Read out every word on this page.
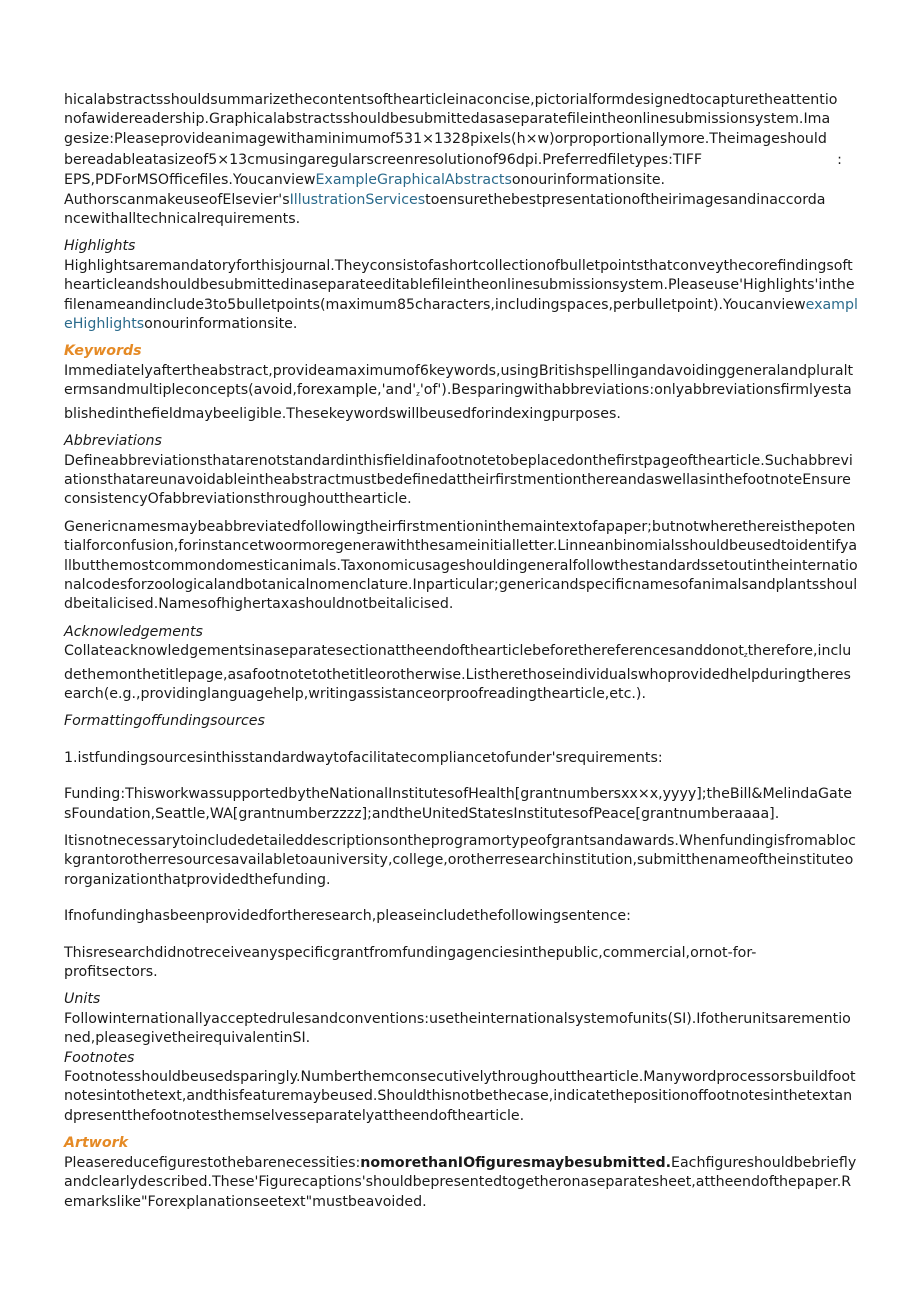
hicalabstractsshouldsummarizethecontentsofthearticleinaconcise,pictorialformdesignedtocapturetheattentio

nofawidereadership.Graphicalabstractsshouldbesubmittedasaseparatefileintheonlinesubmissionsystem.Ima

gesize:Pleaseprovideanimagewithaminimumof531×1328pixels(h×w)orproportionallymore.Theimageshould

bereadableatasizeof5×13cmusingaregularscreenresolutionof96dpi.Preferredfiletypes:TIFF	:

EPS,PDForMSOfficefiles.YoucanviewExampleGraphicalAbstractsonourinformationsite.

AuthorscanmakeuseofElsevier'sIllustrationServicestoensurethebestpresentationoftheirimagesandinaccorda

ncewithalltechnicalrequirements.

Highlights

Highlightsaremandatoryforthisjournal.Theyconsistofashortcollectionofbulletpointsthatconveythecorefindingsofthearticleandshouldbesubmittedinaseparateeditablefileintheonlinesubmissionsystem.Pleaseuse'Highlights'inthefilenameandinclude3to5bulletpoints(maximum85characters,includingspaces,perbulletpoint).YoucanviewexampleHighlightsonourinformationsite.

Keywords

Immediatelyaftertheabstract,provideamaximumof6keywords,usingBritishspellingandavoidinggeneralandpluraltermsandmultipleco$ncepts(avoid,forexample,'and'_z'of').Besparingwithabbreviations:onlyabbreviationsfirmlyestablishedinthefieldmaybeeligible$.Thesekeywordswillbeusedforindexingpurposes.

Abbreviations

Defineabbreviationsthatarenotstandardinthisfieldinafootnotetobeplacedonthefirstpageofthearticle.SuchabbreviationsthatareunavoidableintheabstractmustbedefinedattheirfirstmentionthereandaswellasinthefootnoteEnsureconsistencyOfabbreviationsthroughoutthearticle.

Genericnamesmaybeabbreviatedfollowingtheirfirstmentioninthemaintextofapaper;butnotwherethereisthepotentialforconfusion,forinstancetwoormoregenerawiththesameinitialletter.Linneanbinomialsshouldbeusedtoidentifyallbutthemostcommondomesticanimals.Taxonomicusageshouldingeneralfollowthestandardssetoutintheinternationalcodesforzoologicalandbotanicalnomenclature.Inparticular;genericandspecificnamesofanimalsandplantsshouldbeitalicised.Namesofhighertaxashouldnotbeitalicised.

Acknowledgements

Collateacknowledgementsinaseparatesectionattheendofthearticlebeforethereferencesanddonot$_z$therefore,includethemonthetitlepage,asafootnotetothetitleorotherwise.Listherethoseindividualswhoprovidedhelpduringtheresearch(e.g.,providinglanguagehelp,writingassistanceorproofreadingthearticle,etc.).

Formattingoffundingsources

1.istfundingsourcesinthisstandardwaytofacilitatecompliancetofunder'srequirements:

Funding:ThisworkwassupportedbytheNationalInstitutesofHealth[grantnumbersxx×x,yyyy];theBill&MelindaGatesFoundation,Seattle,WA[grantnumberzzzz];andtheUnitedStatesInstitutesofPeace[grantnumberaaaa].

Itisnotnecessarytoincludedetaileddescriptionsontheprogramortypeofgrantsandawards.Whenfundingisfromablockgrantorotherresourcesavailabletoauniversity,college,orotherresearchinstitution,submitthenameoftheinstituteororganizationthatprovidedthefunding.

Ifnofundinghasbeenprovidedfortheresearch,pleaseincludethefollowingsentence:

Thisresearchdidnotreceiveanyspecificgrantfromfundingagenciesinthepublic,commercial,ornot-for-
profitsectors.

Units

Followinternationallyacceptedrulesandconventions:usetheinternationalsystemofunits(SI).Ifotherunitsarementioned,pleasegivetheirequivalentinSI.

Footnotes

Footnotesshouldbeusedsparingly.Numberthemconsecutivelythroughoutthearticle.Manywordprocessorsbuildfootnotesintothetext,andthisfeaturemaybeused.Shouldthisnotbethecase,indicatethepositionoffootnotesinthetextandpresentthefootnotesthemselvesseparatelyattheendofthearticle.

Artwork

Pleasereducefigurestothebarenecessities:nomorethanIOfiguresmaybesubmitted.Eachfigureshouldbebrieflyandclearlydescribed.These'Figurecaptions'shouldbepresentedtogetheronaseparatesheet,attheendofthepaper.Remarkslike"Forexplanationseetext"mustbeavoided.
